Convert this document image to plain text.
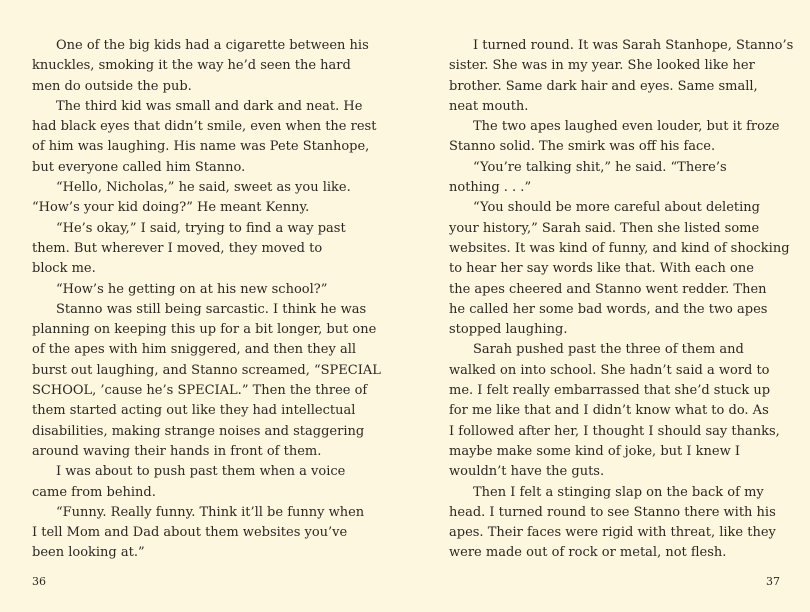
One of the big kids had a cigarette between his
knuckles, smoking it the way he’d seen the hard
men do outside the pub.

The third kid was small and dark and neat. He
had black eyes that didn’t smile, even when the rest
of him was laughing. His name was Pete Stanhope,
but everyone called him Stanno.

“Hello, Nicholas,” he said, sweet as you like.
“How’s your kid doing?” He meant Kenny.

“He’s okay,” I said, trying to find a way past
them. But wherever I moved, they moved to
block me.

“How’s he getting on at his new school?”

Stanno was still being sarcastic. I think he was
planning on keeping this up for a bit longer, but one
of the apes with him sniggered, and then they all
burst out laughing, and Stanno screamed, “SPECIAL
SCHOOL, ’cause he’s SPECIAL.” Then the three of
them started acting out like they had intellectual
disabilities, making strange noises and staggering
around waving their hands in front of them.

I was about to push past them when a voice
came from behind.

“Funny. Really funny. Think it’ll be funny when
I tell Mom and Dad about them websites you’ve
been looking at.”

I turned round. It was Sarah Stanhope, Stanno’s
sister. She was in my year. She looked like her
brother. Same dark hair and eyes. Same small,
neat mouth.

The two apes laughed even louder, but it froze
Stanno solid. The smirk was off his face.

“You’re talking shit,” he said. “There’s
nothing . . .”

“You should be more careful about deleting
your history,” Sarah said. Then she listed some
websites. It was kind of funny, and kind of shocking
to hear her say words like that. With each one
the apes cheered and Stanno went redder. Then
he called her some bad words, and the two apes
stopped laughing.

Sarah pushed past the three of them and
walked on into school. She hadn’t said a word to
me. I felt really embarrassed that she’d stuck up
for me like that and I didn’t know what to do. As
I followed after her, I thought I should say thanks,
maybe make some kind of joke, but I knew I
wouldn’t have the guts.

Then I felt a stinging slap on the back of my
head. I turned round to see Stanno there with his
apes. Their faces were rigid with threat, like they
were made out of rock or metal, not flesh.

36	37
